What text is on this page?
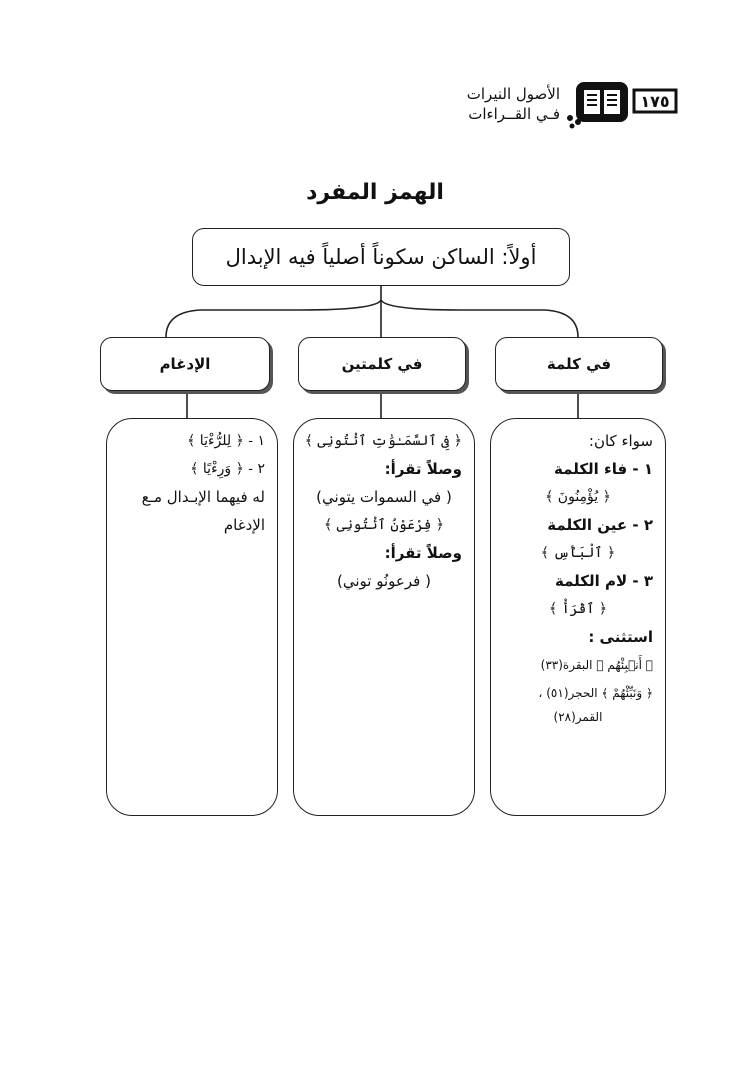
الأصول النيرات
فـي القــراءات
١٧٥
الهمز المفرد
أولاً: الساكن سكوناً أصلياً فيه الإبدال
في كلمة
في كلمتين
الإدغام
سواء كان:
١ - فاء الكلمة
﴿ يُؤْمِنُونَ ﴾
٢ - عين الكلمة
﴿ ٱلْبَأْسِ ﴾
٣ - لام الكلمة
﴿ ٱقْرَأْ ﴾
استثنى :
﴿ أَنۢبِئْهُم ﴾ البقرة(٣٣)
﴿ وَنَبِّئْهُمْ ﴾ الحجر(٥١) ،
القمر(٢٨)
﴿ فِى ٱلسَّمَـٰوَٰتِ ٱئْتُونِى ﴾
وصلاً تقرأ:
( في السموات يتوني)
﴿ فِرْعَوْنُ ٱئْتُونِى ﴾
وصلاً تقرأ:
( فرعونُو توني)
١ - ﴿ لِلرُّءْيَا ﴾
٢ - ﴿ وَرِءْيًا ﴾
له فيهما الإبـدال مـع الإدغام
